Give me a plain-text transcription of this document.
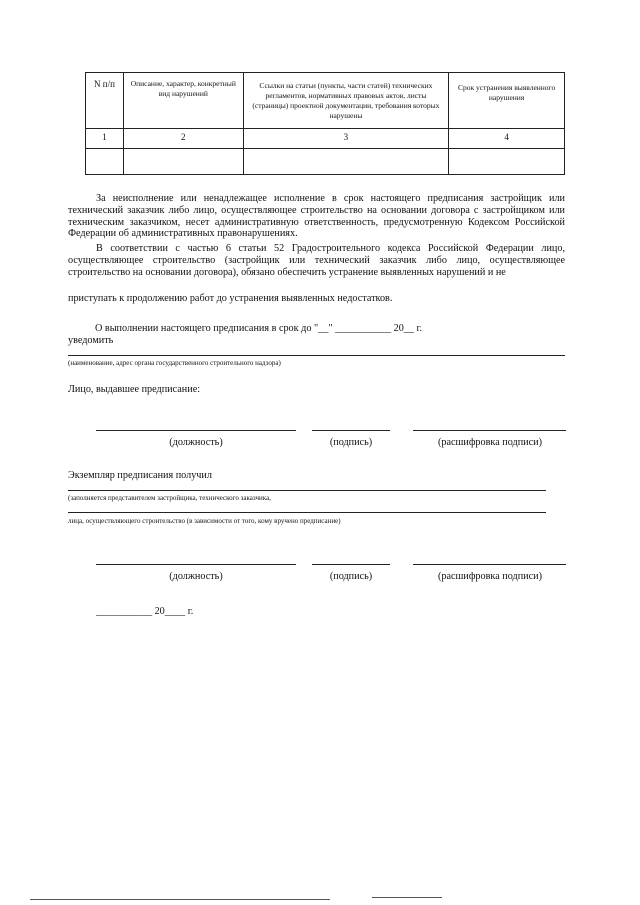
N п/п	Описание, характер, конкретный вид нарушений	Ссылки на статьи (пункты, части статей) технических регламентов, нормативных правовых актов, листы (страницы) проектной документации, требования которых нарушены	Срок устранения выявленного нарушения
1	2	3	4

За неисполнение или ненадлежащее исполнение в срок настоящего предписания застройщик или технический заказчик либо лицо, осуществляющее строительство на основании договора с застройщиком или техническим заказчиком, несет административную ответственность, предусмотренную Кодексом Российской Федерации об административных правонарушениях.
В соответствии с частью 6 статьи 52 Градостроительного кодекса Российской Федерации лицо, осуществляющее строительство (застройщик или технический заказчик либо лицо, осуществляющее строительство на основании договора), обязано обеспечить устранение выявленных нарушений и не
приступать к продолжению работ до устранения выявленных недостатков.
О выполнении настоящего предписания в срок до "__" ___________ 20__ г.
уведомить
(наименование, адрес органа государственного строительного надзора)
Лицо, выдавшее предписание:
(должность)	(подпись)	(расшифровка подписи)
Экземпляр предписания получил
(заполняется представителем застройщика, технического заказчика,
лица, осуществляющего строительство (в зависимости от того, кому вручено предписание)
(должность)	(подпись)	(расшифровка подписи)
___________ 20____ г.
